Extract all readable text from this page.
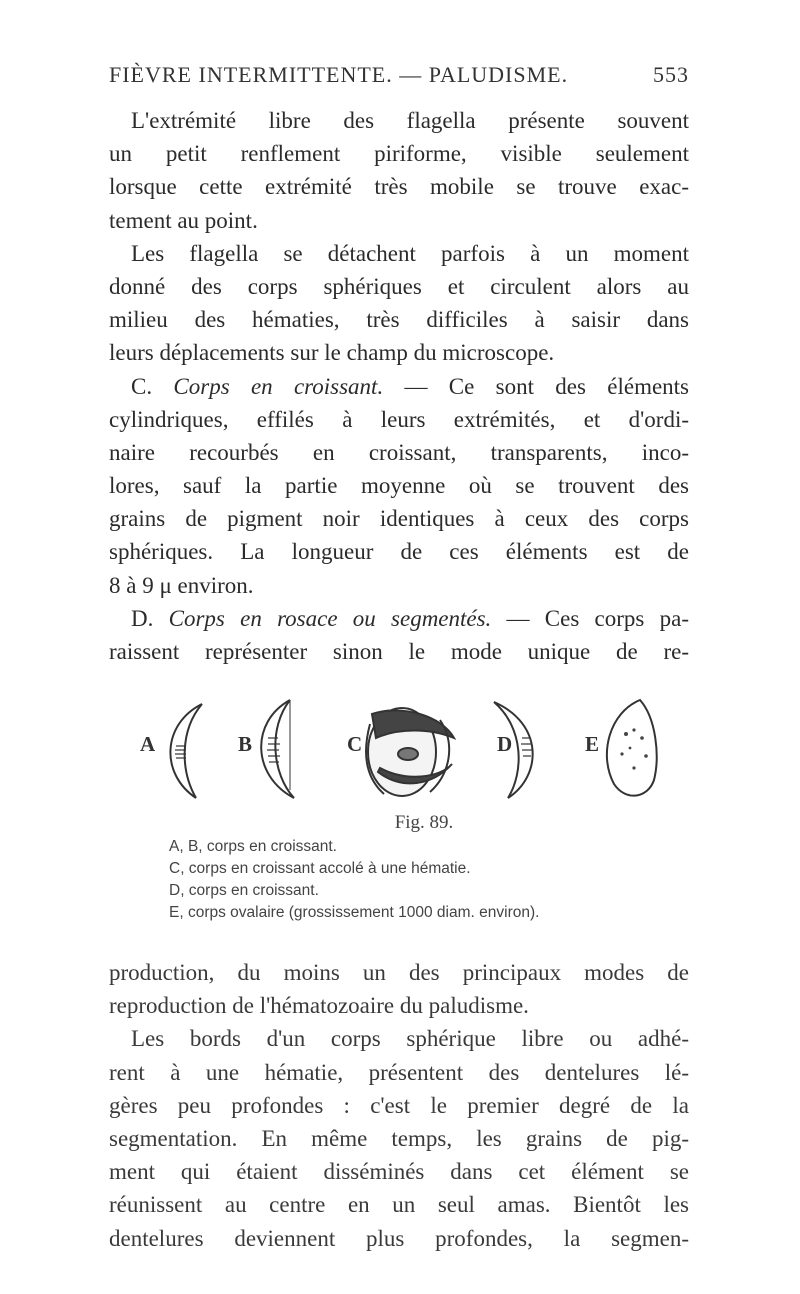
FIÈVRE INTERMITTENTE. — PALUDISME.	553
L'extrémité libre des flagella présente souvent
un petit renflement piriforme, visible seulement
lorsque cette extrémité très mobile se trouve exac-
tement au point.
Les flagella se détachent parfois à un moment
donné des corps sphériques et circulent alors au
milieu des hématies, très difficiles à saisir dans
leurs déplacements sur le champ du microscope.
C. Corps en croissant. — Ce sont des éléments
cylindriques, effilés à leurs extrémités, et d'ordi-
naire recourbés en croissant, transparents, inco-
lores, sauf la partie moyenne où se trouvent des
grains de pigment noir identiques à ceux des corps
sphériques. La longueur de ces éléments est de
8 à 9 μ environ.
D. Corps en rosace ou segmentés. — Ces corps pa-
raissent représenter sinon le mode unique de re-
A	B	C	D	E
Fig. 89.
A, B, corps en croissant.
C, corps en croissant accolé à une hématie.
D, corps en croissant.
E, corps ovalaire (grossissement 1000 diam. environ).
production, du moins un des principaux modes de
reproduction de l'hématozoaire du paludisme.
Les bords d'un corps sphérique libre ou adhé-
rent à une hématie, présentent des dentelures lé-
gères peu profondes : c'est le premier degré de la
segmentation. En même temps, les grains de pig-
ment qui étaient disséminés dans cet élément se
réunissent au centre en un seul amas. Bientôt les
dentelures deviennent plus profondes, la segmen-
